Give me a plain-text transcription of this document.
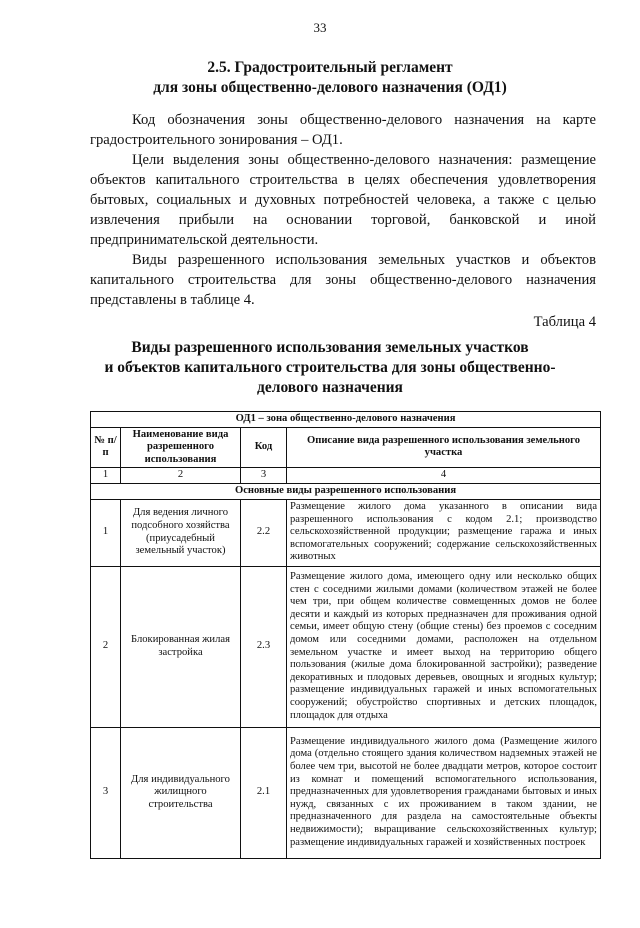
33
2.5. Градостроительный регламент
для зоны общественно-делового назначения (ОД1)

Код обозначения зоны общественно-делового назначения на карте градостроительного зонирования – ОД1.

Цели выделения зоны общественно-делового назначения: размещение объектов капитального строительства в целях обеспечения удовлетворения бытовых, социальных и духовных потребностей человека, а также с целью извлечения прибыли на основании торговой, банковской и иной предпринимательской деятельности.

Виды разрешенного использования земельных участков и объектов капитального строительства для зоны общественно-делового назначения представлены в таблице 4.

Таблица 4

Виды разрешенного использования земельных участков
и объектов капитального строительства для зоны общественно-
делового назначения
ОД1 – зона общественно-делового назначения			
№ п/п	Наименование вида разрешенного использования	Код	Описание вида разрешенного использования земельного участка
1	2	3	4
Основные виды разрешенного использования			
1	Для ведения личного подсобного хозяйства (приусадебный земельный участок)	2.2	Размещение жилого дома указанного в описании вида разрешенного использования с кодом 2.1; производство сельскохозяйственной продукции; размещение гаража и иных вспомогательных сооружений; содержание сельскохозяйственных животных
2	Блокированная жилая застройка	2.3	Размещение жилого дома, имеющего одну или несколько общих стен с соседними жилыми домами (количеством этажей не более чем три, при общем количестве совмещенных домов не более десяти и каждый из которых предназначен для проживания одной семьи, имеет общую стену (общие стены) без проемов с соседним домом или соседними домами, расположен на отдельном земельном участке и имеет выход на территорию общего пользования (жилые дома блокированной застройки); разведение декоративных и плодовых деревьев, овощных и ягодных культур; размещение индивидуальных гаражей и иных вспомогательных сооружений; обустройство спортивных и детских площадок, площадок для отдыха
3	Для индивидуального жилищного строительства	2.1	Размещение индивидуального жилого дома (Размещение жилого дома (отдельно стоящего здания количеством надземных этажей не более чем три, высотой не более двадцати метров, которое состоит из комнат и помещений вспомогательного использования, предназначенных для удовлетворения гражданами бытовых и иных нужд, связанных с их проживанием в таком здании, не предназначенного для раздела на самостоятельные объекты недвижимости); выращивание сельскохозяйственных культур; размещение индивидуальных гаражей и хозяйственных построек
